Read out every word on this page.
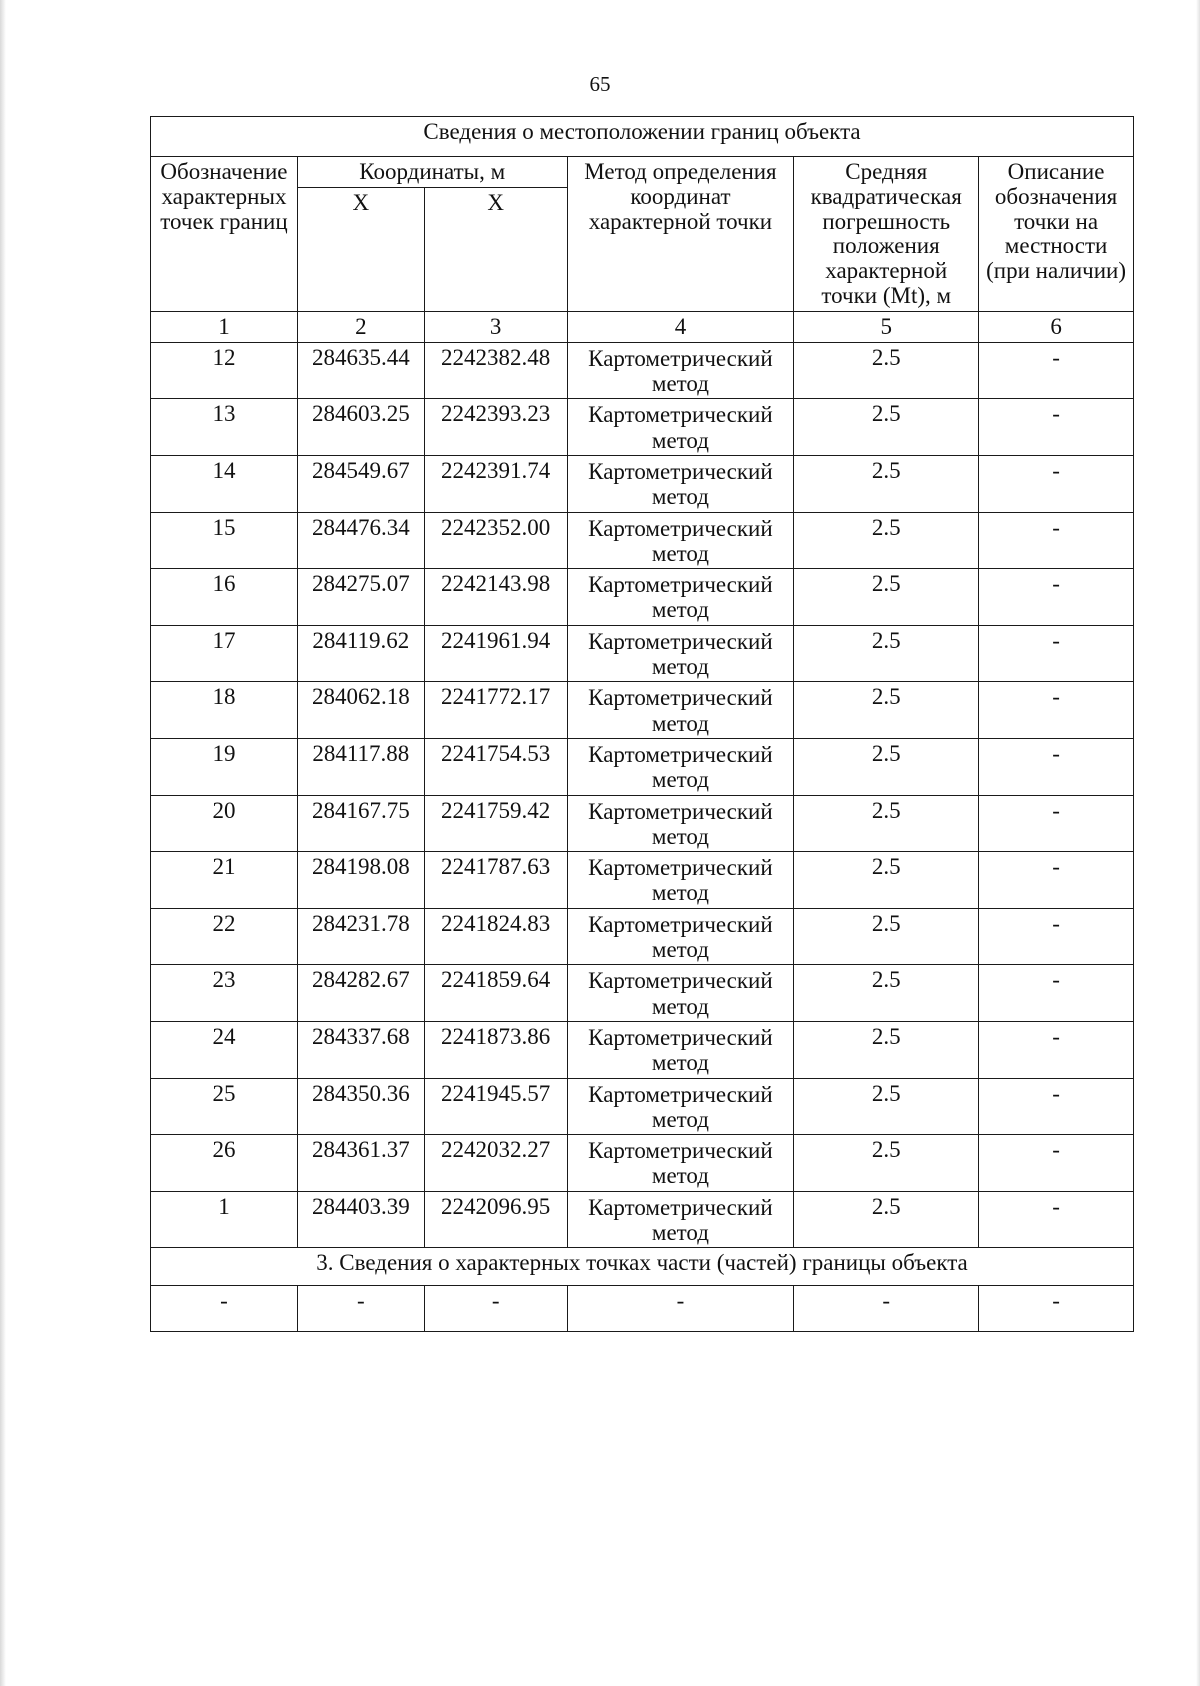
65
Сведения о местоположении границ объекта					
Обозначение характерных точек границ	Координаты, м		Метод определения координат характерной точки	Средняя квадратическая погрешность положения характерной точки (Mt), м	Описание обозначения точки на местности (при наличии)
	X	X			
1	2	3	4	5	6
12	284635.44	2242382.48	Картометрический метод	2.5	-
13	284603.25	2242393.23	Картометрический метод	2.5	-
14	284549.67	2242391.74	Картометрический метод	2.5	-
15	284476.34	2242352.00	Картометрический метод	2.5	-
16	284275.07	2242143.98	Картометрический метод	2.5	-
17	284119.62	2241961.94	Картометрический метод	2.5	-
18	284062.18	2241772.17	Картометрический метод	2.5	-
19	284117.88	2241754.53	Картометрический метод	2.5	-
20	284167.75	2241759.42	Картометрический метод	2.5	-
21	284198.08	2241787.63	Картометрический метод	2.5	-
22	284231.78	2241824.83	Картометрический метод	2.5	-
23	284282.67	2241859.64	Картометрический метод	2.5	-
24	284337.68	2241873.86	Картометрический метод	2.5	-
25	284350.36	2241945.57	Картометрический метод	2.5	-
26	284361.37	2242032.27	Картометрический метод	2.5	-
1	284403.39	2242096.95	Картометрический метод	2.5	-
3. Сведения о характерных точках части (частей) границы объекта					
-	-	-	-	-	-
